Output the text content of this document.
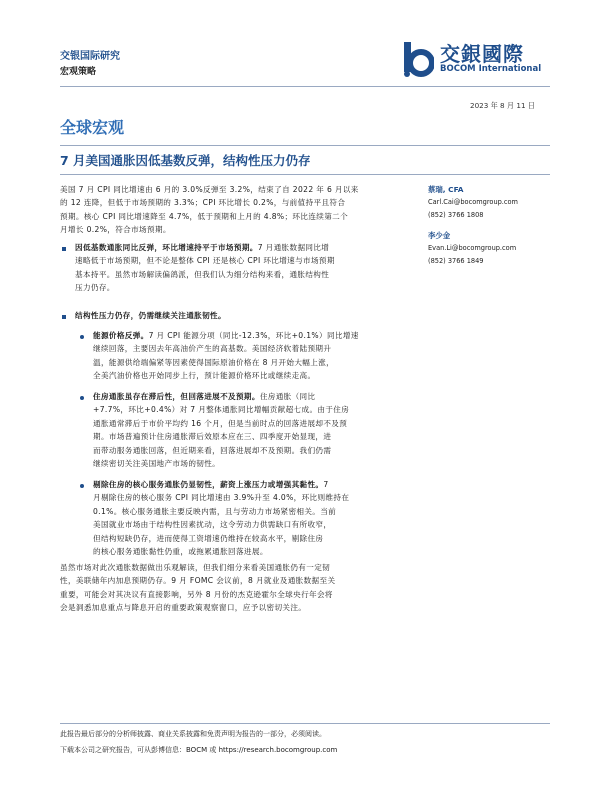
交银国际研究
宏观策略
交銀國際
BOCOM International
2023 年 8 月 11 日
全球宏观
7 月美国通胀因低基数反弹，结构性压力仍存
美国 7 月 CPI 同比增速由 6 月的 3.0%反弹至 3.2%，结束了自 2022 年 6 月以来
的 12 连降，但低于市场预期的 3.3%；CPI 环比增长 0.2%，与前值持平且符合
预期。核心 CPI 同比增速降至 4.7%，低于预期和上月的 4.8%；环比连续第二个
月增长 0.2%，符合市场预期。
因低基数通胀同比反弹，环比增速持平于市场预期。7 月通胀数据同比增
速略低于市场预期，但不论是整体 CPI 还是核心 CPI 环比增速与市场预期
基本持平。虽然市场解读偏鸽派，但我们认为细分结构来看，通胀结构性
压力仍存。
结构性压力仍存，仍需继续关注通胀韧性。
能源价格反弹。7 月 CPI 能源分项（同比-12.3%，环比+0.1%）同比增速
继续回落，主要因去年高油价产生的高基数。美国经济软着陆预期升
温，能源供给端偏紧等因素使得国际原油价格在 8 月开始大幅上涨，
全美汽油价格也开始同步上行，预计能源价格环比或继续走高。
住房通胀虽存在滞后性，但回落进展不及预期。住房通胀（同比
+7.7%，环比+0.4%）对 7 月整体通胀同比增幅贡献超七成。由于住房
通胀通常滞后于市价平均约 16 个月，但是当前时点的回落进展却不及预
期。市场普遍预计住房通胀滞后效原本应在三、四季度开始显现，进
而带动服务通胀回落，但近期来看，回落进展却不及预期。我们仍需
继续密切关注美国地产市场的韧性。
剔除住房的核心服务通胀仍显韧性，薪资上涨压力或增强其黏性。7
月剔除住房的核心服务 CPI 同比增速由 3.9%升至 4.0%，环比则维持在
0.1%。核心服务通胀主要反映内需，且与劳动力市场紧密相关。当前
美国就业市场由于结构性因素扰动，这令劳动力供需缺口有所收窄，
但结构短缺仍存，进而使得工资增速仍维持在较高水平，剔除住房
的核心服务通胀黏性仍重，或拖累通胀回落进展。
虽然市场对此次通胀数据做出乐观解读，但我们细分来看美国通胀仍有一定韧
性，美联储年内加息预期仍存。9 月 FOMC 会议前，8 月就业及通胀数据至关
重要，可能会对其决议有直接影响，另外 8 月份的杰克逊霍尔全球央行年会将
会是洞悉加息重点与降息开启的重要政策观察窗口，应予以密切关注。
蔡瑞, CFA
Carl.Cai@bocomgroup.com
(852) 3766 1808
李少金
Evan.Li@bocomgroup.com
(852) 3766 1849
此报告最后部分的分析师披露、商业关系披露和免责声明为报告的一部分，必须阅读。
下载本公司之研究报告，可从彭博信息：BOCM 或 https://research.bocomgroup.com
